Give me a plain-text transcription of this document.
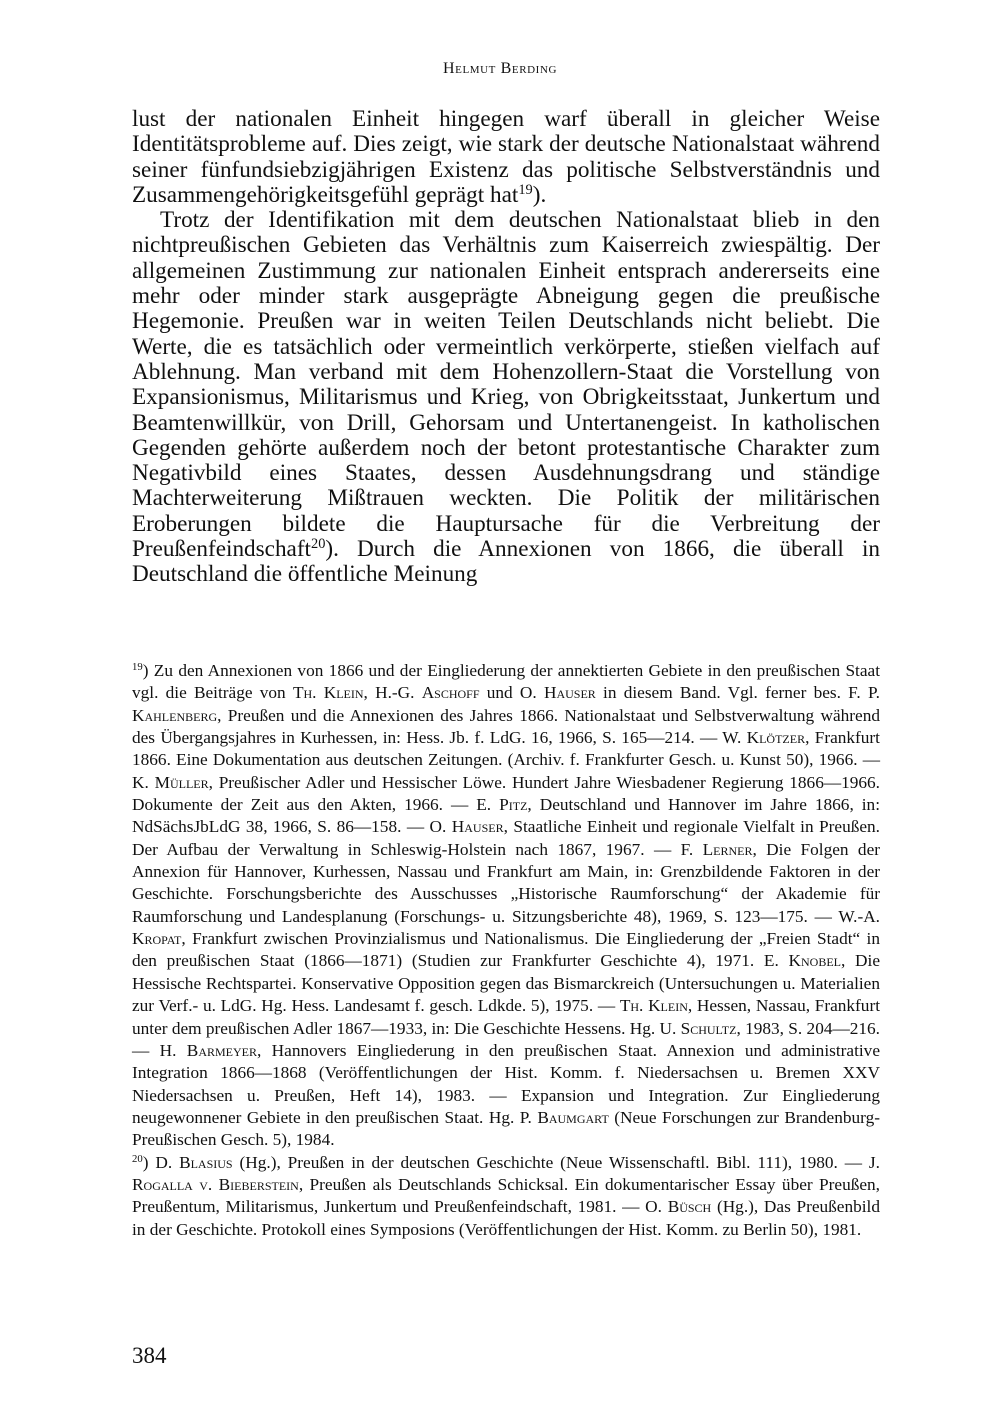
Helmut Berding

lust der nationalen Einheit hingegen warf überall in gleicher Weise Identitätsprobleme auf. Dies zeigt, wie stark der deutsche Nationalstaat während seiner fünfundsiebzigjährigen Existenz das politische Selbstverständnis und Zusammengehörigkeitsgefühl geprägt hat$^{19}$).

Trotz der Identifikation mit dem deutschen Nationalstaat blieb in den nichtpreußischen Gebieten das Verhältnis zum Kaiserreich zwiespältig. Der allgemeinen Zustimmung zur nationalen Einheit entsprach andererseits eine mehr oder minder stark ausgeprägte Abneigung gegen die preußische Hegemonie. Preußen war in weiten Teilen Deutschlands nicht beliebt. Die Werte, die es tatsächlich oder vermeintlich verkörperte, stießen vielfach auf Ablehnung. Man verband mit dem Hohenzollern-Staat die Vorstellung von Expansionismus, Militarismus und Krieg, von Obrigkeitsstaat, Junkertum und Beamtenwillkür, von Drill, Gehorsam und Untertanengeist. In katholischen Gegenden gehörte außerdem noch der betont protestantische Charakter zum Negativbild eines Staates, dessen Ausdehnungsdrang und ständige Machterweiterung Mißtrauen weckten. Die Politik der militärischen Eroberungen bildete die Hauptursache für die Verbreitung der Preußenfeindschaft$^{20}$). Durch die Annexionen von 1866, die überall in Deutschland die öffentliche Meinung

$^{19}$) Zu den Annexionen von 1866 und der Eingliederung der annektierten Gebiete in den preußischen Staat vgl. die Beiträge von Th. Klein, H.-G. Aschoff und O. Hauser in diesem Band. Vgl. ferner bes. F. P. Kahlenberg, Preußen und die Annexionen des Jahres 1866. Nationalstaat und Selbstverwaltung während des Übergangsjahres in Kurhessen, in: Hess. Jb. f. LdG. 16, 1966, S. 165—214. — W. Klötzer, Frankfurt 1866. Eine Dokumentation aus deutschen Zeitungen. (Archiv. f. Frankfurter Gesch. u. Kunst 50), 1966. — K. Müller, Preußischer Adler und Hessischer Löwe. Hundert Jahre Wiesbadener Regierung 1866—1966. Dokumente der Zeit aus den Akten, 1966. — E. Pitz, Deutschland und Hannover im Jahre 1866, in: NdSächsJbLdG 38, 1966, S. 86—158. — O. Hauser, Staatliche Einheit und regionale Vielfalt in Preußen. Der Aufbau der Verwaltung in Schleswig-Holstein nach 1867, 1967. — F. Lerner, Die Folgen der Annexion für Hannover, Kurhessen, Nassau und Frankfurt am Main, in: Grenzbildende Faktoren in der Geschichte. Forschungsberichte des Ausschusses „Historische Raumforschung“ der Akademie für Raumforschung und Landesplanung (Forschungs- u. Sitzungsberichte 48), 1969, S. 123—175. — W.-A. Kropat, Frankfurt zwischen Provinzialismus und Nationalismus. Die Eingliederung der „Freien Stadt“ in den preußischen Staat (1866—1871) (Studien zur Frankfurter Geschichte 4), 1971. E. Knobel, Die Hessische Rechtspartei. Konservative Opposition gegen das Bismarckreich (Untersuchungen u. Materialien zur Verf.- u. LdG. Hg. Hess. Landesamt f. gesch. Ldkde. 5), 1975. — Th. Klein, Hessen, Nassau, Frankfurt unter dem preußischen Adler 1867—1933, in: Die Geschichte Hessens. Hg. U. Schultz, 1983, S. 204—216. — H. Barmeyer, Hannovers Eingliederung in den preußischen Staat. Annexion und administrative Integration 1866—1868 (Veröffentlichungen der Hist. Komm. f. Niedersachsen u. Bremen XXV Niedersachsen u. Preußen, Heft 14), 1983. — Expansion und Integration. Zur Eingliederung neugewonnener Gebiete in den preußischen Staat. Hg. P. Baumgart (Neue Forschungen zur Brandenburg-Preußischen Gesch. 5), 1984.

$^{20}$) D. Blasius (Hg.), Preußen in der deutschen Geschichte (Neue Wissenschaftl. Bibl. 111), 1980. — J. Rogalla v. Bieberstein, Preußen als Deutschlands Schicksal. Ein dokumentarischer Essay über Preußen, Preußentum, Militarismus, Junkertum und Preußenfeindschaft, 1981. — O. Büsch (Hg.), Das Preußenbild in der Geschichte. Protokoll eines Symposions (Veröffentlichungen der Hist. Komm. zu Berlin 50), 1981.

384
